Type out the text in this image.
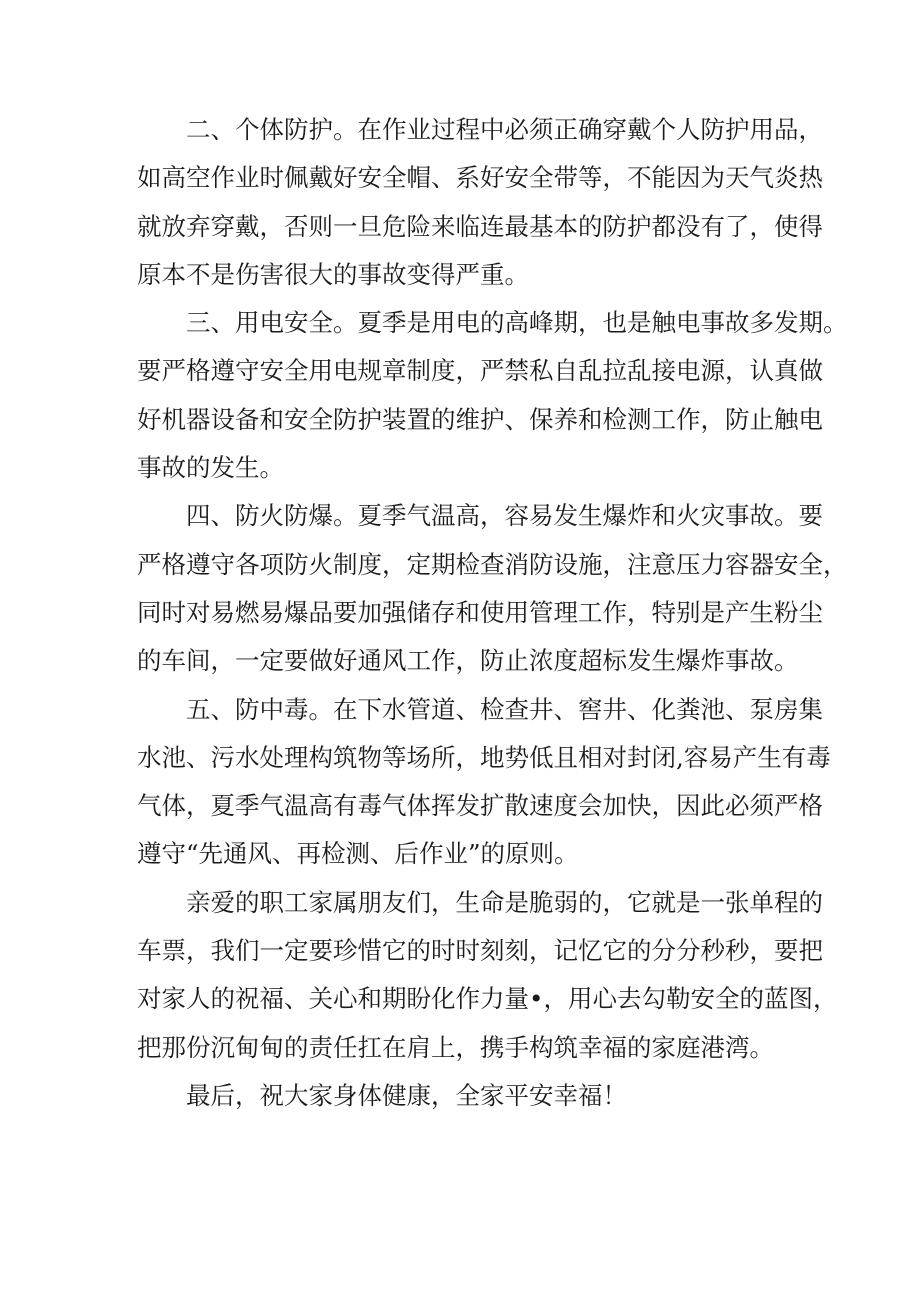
二、个体防护。在作业过程中必须正确穿戴个人防护用品，
如高空作业时佩戴好安全帽、系好安全带等，不能因为天气炎热
就放弃穿戴，否则一旦危险来临连最基本的防护都没有了，使得
原本不是伤害很大的事故变得严重。
三、用电安全。夏季是用电的高峰期，也是触电事故多发期。
要严格遵守安全用电规章制度，严禁私自乱拉乱接电源，认真做
好机器设备和安全防护装置的维护、保养和检测工作，防止触电
事故的发生。
四、防火防爆。夏季气温高，容易发生爆炸和火灾事故。要
严格遵守各项防火制度，定期检查消防设施，注意压力容器安全，
同时对易燃易爆品要加强储存和使用管理工作，特别是产生粉尘
的车间，一定要做好通风工作，防止浓度超标发生爆炸事故。
五、防中毒。在下水管道、检查井、窖井、化粪池、泵房集
水池、污水处理构筑物等场所，地势低且相对封闭,容易产生有毒
气体，夏季气温高有毒气体挥发扩散速度会加快，因此必须严格
遵守“先通风、再检测、后作业”的原则。
亲爱的职工家属朋友们，生命是脆弱的，它就是一张单程的
车票，我们一定要珍惜它的时时刻刻，记忆它的分分秒秒，要把
对家人的祝福、关心和期盼化作力量•，用心去勾勒安全的蓝图，
把那份沉甸甸的责任扛在肩上，携手构筑幸福的家庭港湾。
最后，祝大家身体健康，全家平安幸福！
